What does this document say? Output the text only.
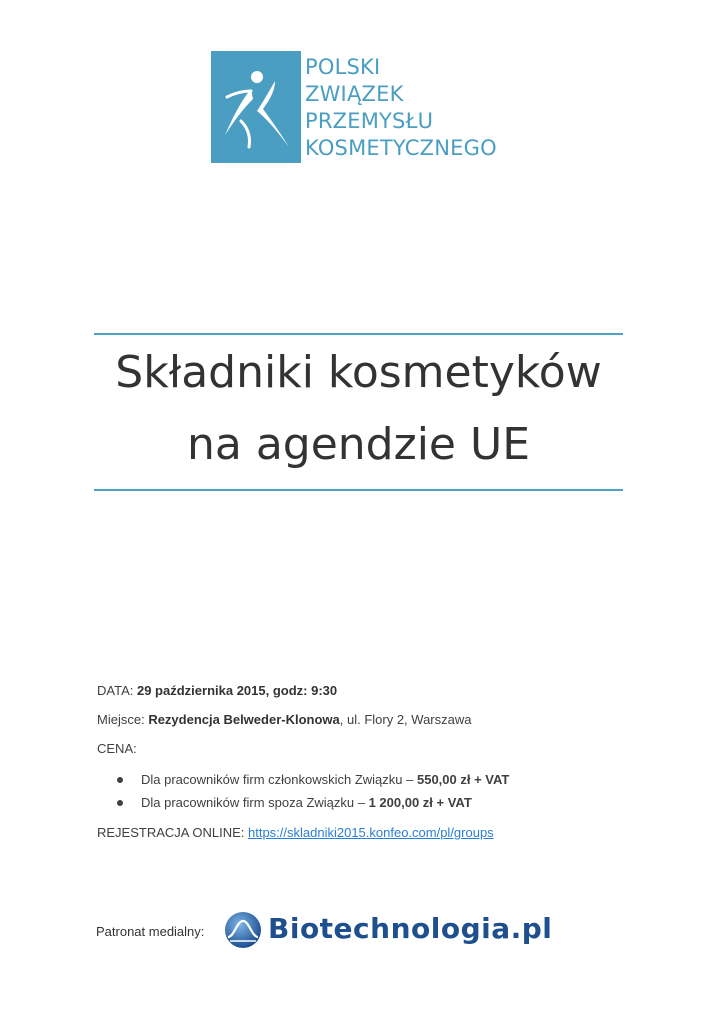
POLSKI
ZWIĄZEK
PRZEMYSŁU
KOSMETYCZNEGO
Składniki kosmetyków
na agendzie UE
DATA: 29 października 2015, godz: 9:30
Miejsce: Rezydencja Belweder-Klonowa, ul. Flory 2, Warszawa
CENA:
Dla pracowników firm członkowskich Związku – 550,00 zł + VAT
Dla pracowników firm spoza Związku – 1 200,00 zł + VAT
REJESTRACJA ONLINE: https://skladniki2015.konfeo.com/pl/groups
Patronat medialny: Biotechnologia.pl
